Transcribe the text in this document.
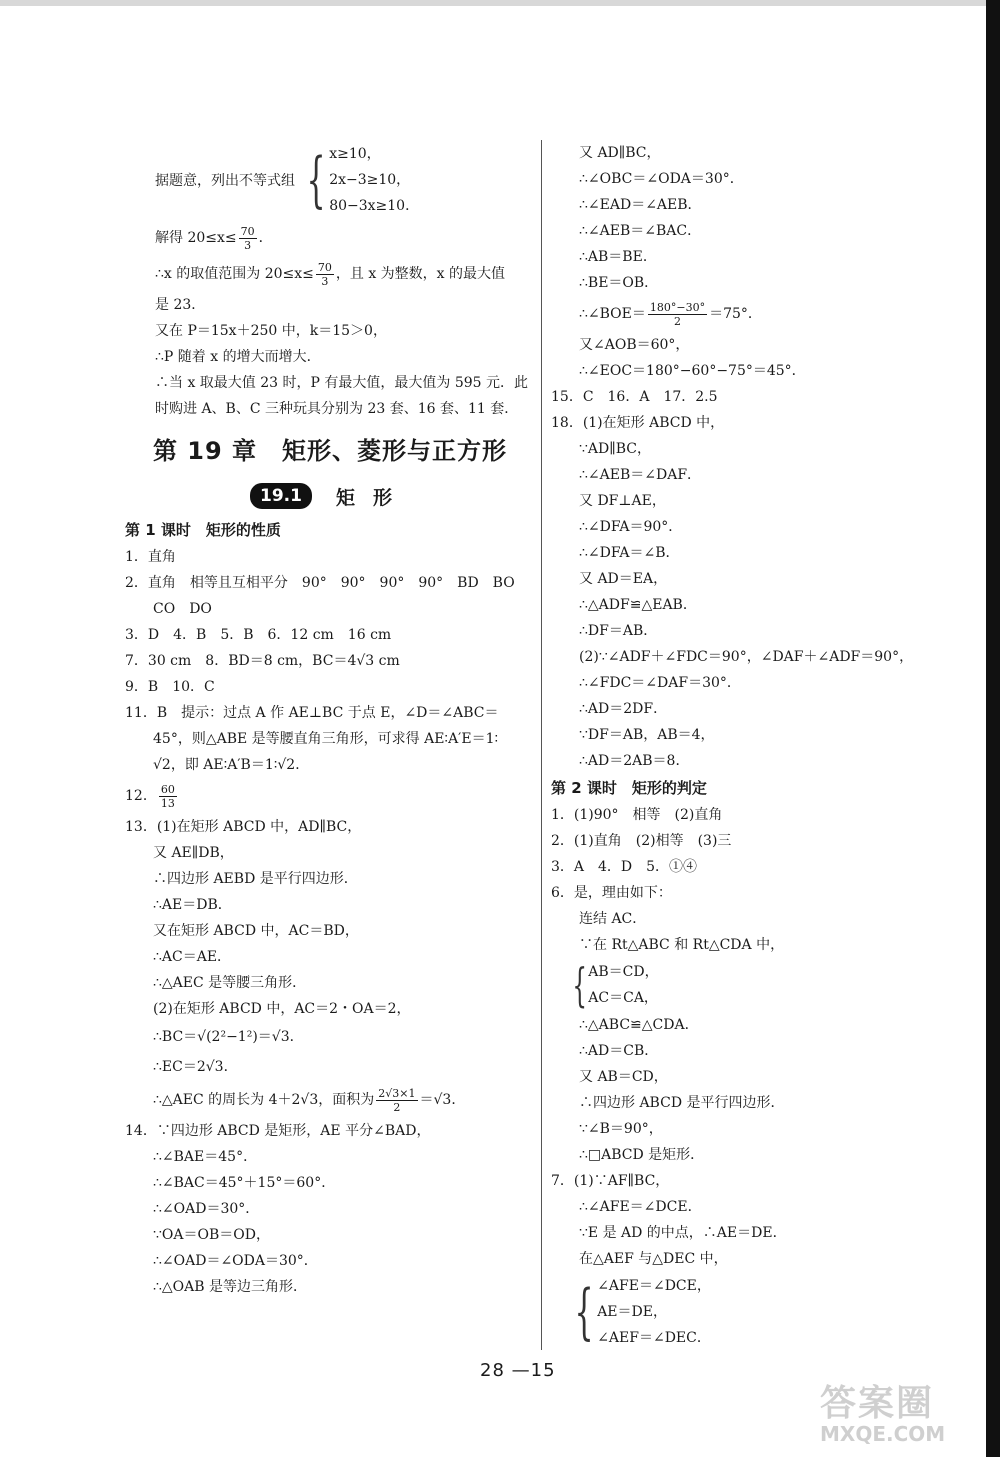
据题意，列出不等式组 { x≥10，
2x−3≥10，
80−3x≥10．
解得 $20\le x\le \frac{70}{3}$ ．
∴x 的取值范围为 $20\le x\le \frac{70}{3}$ ，且 x 为整数，x 的最大值
是 23．
又在 P＝15x＋250 中，k＝15＞0，
∴P 随着 x 的增大而增大．
∴当 x 取最大值 23 时，P 有最大值，最大值为 595 元．此
时购进 A、B、C 三种玩具分别为 23 套、16 套、11 套．
第 19 章　矩形、菱形与正方形
19.1	矩形
第 1 课时　矩形的性质
1．直角
2．直角　相等且互相平分　90°　90°　90°　90°　BD　BO
CO　DO
3．D　4．B　5．B　6．12 cm　16 cm
7．30 cm　8．BD＝8 cm，BC＝4√3 cm
9．B　10．C
11．B　提示：过点 A 作 AE⊥BC 于点 E，∠D＝∠ABC＝
45°，则△ABE 是等腰直角三角形，可求得 AE∶A′E＝1∶
√2，即 AE∶A′B＝1∶√2．
12． $\frac{60}{13}$
13．(1)在矩形 ABCD 中，AD∥BC，
又 AE∥DB，
∴四边形 AEBD 是平行四边形．
∴AE＝DB．
又在矩形 ABCD 中，AC＝BD，
∴AC＝AE．
∴△AEC 是等腰三角形．
(2)在矩形 ABCD 中，AC＝2・OA＝2，
∴BC＝√(2²−1²)＝√3．
∴EC＝2√3．
∴△AEC 的周长为 4＋2√3，面积为 $\frac{2√3\times 1}{2} =√3$．
14．∵四边形 ABCD 是矩形，AE 平分∠BAD，
∴∠BAE＝45°．
∴∠BAC＝45°＋15°＝60°．
∴∠OAD＝30°．
∵OA＝OB＝OD，
∴∠OAD＝∠ODA＝30°．
∴△OAB 是等边三角形．
又 AD∥BC，
∴∠OBC＝∠ODA＝30°．
∴∠EAD＝∠AEB．
∴∠AEB＝∠BAC．
∴AB＝BE．
∴BE＝OB．
∴∠BOE＝ $\frac{180^\circ-30^\circ}{2} =75^\circ$．
又∠AOB＝60°，
∴∠EOC＝180°−60°−75°＝45°．
15．C　16．A　17．2.5
18．(1)在矩形 ABCD 中，
∵AD∥BC，
∴∠AEB＝∠DAF．
又 DF⊥AE，
∴∠DFA＝90°．
∴∠DFA＝∠B．
又 AD＝EA，
∴△ADF≌△EAB．
∴DF＝AB．
(2)∵∠ADF＋∠FDC＝90°，∠DAF＋∠ADF＝90°，
∴∠FDC＝∠DAF＝30°．
∴AD＝2DF．
∵DF＝AB，AB＝4，
∴AD＝2AB＝8．
第 2 课时　矩形的判定
1．(1)90°　相等　(2)直角
2．(1)直角　(2)相等　(3)三
3．A　4．D　5．①④
6．是，理由如下：
连结 AC．
∵在 Rt△ABC 和 Rt△CDA 中，
{ AB＝CD，
AC＝CA，
∴△ABC≌△CDA．
∴AD＝CB．
又 AB＝CD，
∴四边形 ABCD 是平行四边形．
∵∠B＝90°，
∴□ABCD 是矩形．
7．(1)∵AF∥BC，
∴∠AFE＝∠DCE．
∵E 是 AD 的中点，∴AE＝DE．
在△AEF 与△DEC 中，
{ ∠AFE＝∠DCE，
AE＝DE，
∠AEF＝∠DEC．
28 —15
答案圈
MXQE.COM
